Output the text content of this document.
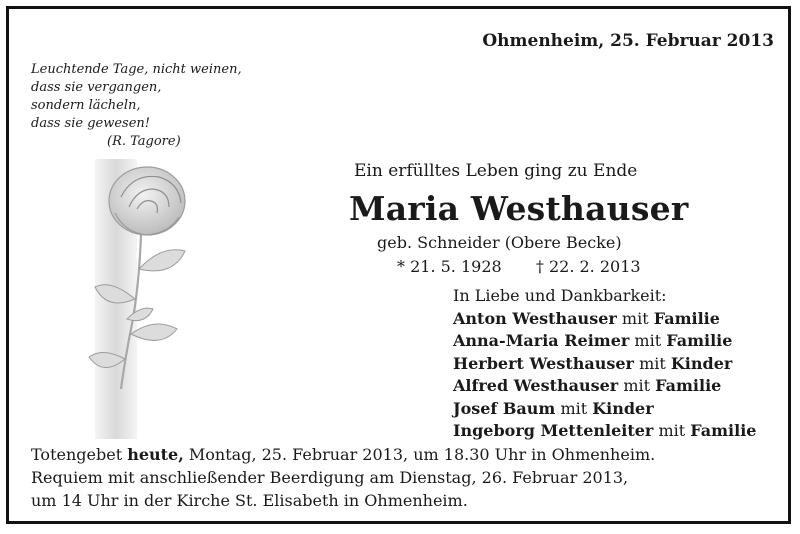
Ohmenheim, 25. Februar 2013
Leuchtende Tage, nicht weinen,
dass sie vergangen,
sondern lächeln,
dass sie gewesen!
(R. Tagore)
Ein erfülltes Leben ging zu Ende
Maria Westhauser
geb. Schneider (Obere Becke)
* 21. 5. 1928 † 22. 2. 2013
In Liebe und Dankbarkeit:
Anton Westhauser mit Familie
Anna-Maria Reimer mit Familie
Herbert Westhauser mit Kinder
Alfred Westhauser mit Familie
Josef Baum mit Kinder
Ingeborg Mettenleiter mit Familie
Totengebet heute, Montag, 25. Februar 2013, um 18.30 Uhr in Ohmenheim.
Requiem mit anschließender Beerdigung am Dienstag, 26. Februar 2013,
um 14 Uhr in der Kirche St. Elisabeth in Ohmenheim.
